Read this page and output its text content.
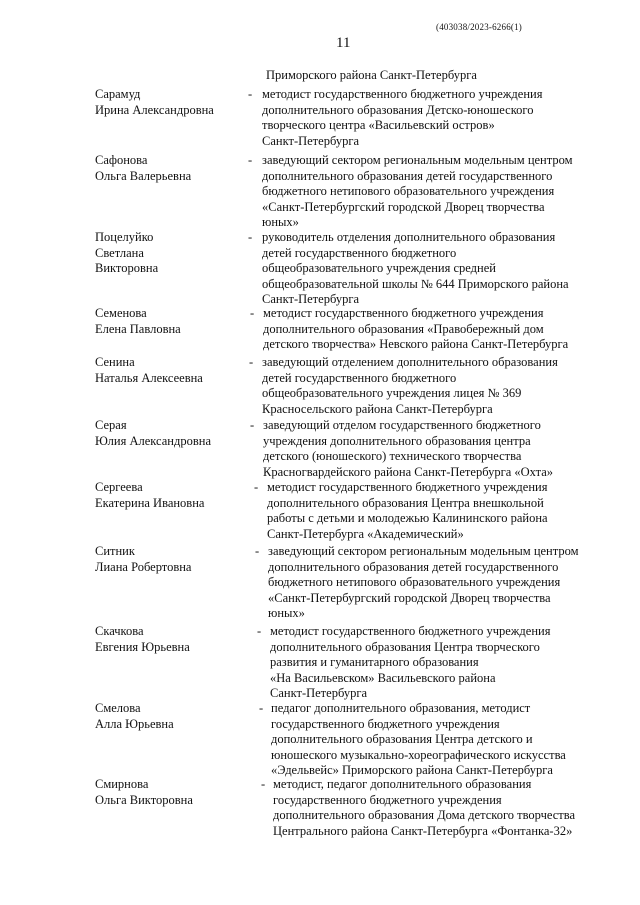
(403038/2023-6266(1)
11
Приморского района Санкт-Петербурга
Сарамуд
Ирина Александровна
- методист государственного бюджетного учреждения
дополнительного образования Детско-юношеского
творческого центра «Васильевский остров»
Санкт-Петербурга
Сафонова
Ольга Валерьевна
- заведующий сектором региональным модельным центром
дополнительного образования детей государственного
бюджетного нетипового образовательного учреждения
«Санкт-Петербургский городской Дворец творчества
юных»
Поцелуйко
Светлана
Викторовна
- руководитель отделения дополнительного образования
детей государственного бюджетного
общеобразовательного учреждения средней
общеобразовательной школы № 644 Приморского района
Санкт-Петербурга
Семенова
Елена Павловна
- методист государственного бюджетного учреждения
дополнительного образования «Правобережный дом
детского творчества» Невского района Санкт-Петербурга
Сенина
Наталья Алексеевна
- заведующий отделением дополнительного образования
детей государственного бюджетного
общеобразовательного учреждения лицея № 369
Красносельского района Санкт-Петербурга
Серая
Юлия Александровна
- заведующий отделом государственного бюджетного
учреждения дополнительного образования центра
детского (юношеского) технического творчества
Красногвардейского района Санкт-Петербурга «Охта»
Сергеева
Екатерина Ивановна
- методист государственного бюджетного учреждения
дополнительного образования Центра внешкольной
работы с детьми и молодежью Калининского района
Санкт-Петербурга «Академический»
Ситник
Лиана Робертовна
- заведующий сектором региональным модельным центром
дополнительного образования детей государственного
бюджетного нетипового образовательного учреждения
«Санкт-Петербургский городской Дворец творчества
юных»
Скачкова
Евгения Юрьевна
- методист государственного бюджетного учреждения
дополнительного образования Центра творческого
развития и гуманитарного образования
«На Васильевском» Васильевского района
Санкт-Петербурга
Смелова
Алла Юрьевна
- педагог дополнительного образования, методист
государственного бюджетного учреждения
дополнительного образования Центра детского и
юношеского музыкально-хореографического искусства
«Эдельвейс» Приморского района Санкт-Петербурга
Смирнова
Ольга Викторовна
- методист, педагог дополнительного образования
государственного бюджетного учреждения
дополнительного образования Дома детского творчества
Центрального района Санкт-Петербурга «Фонтанка-32»
